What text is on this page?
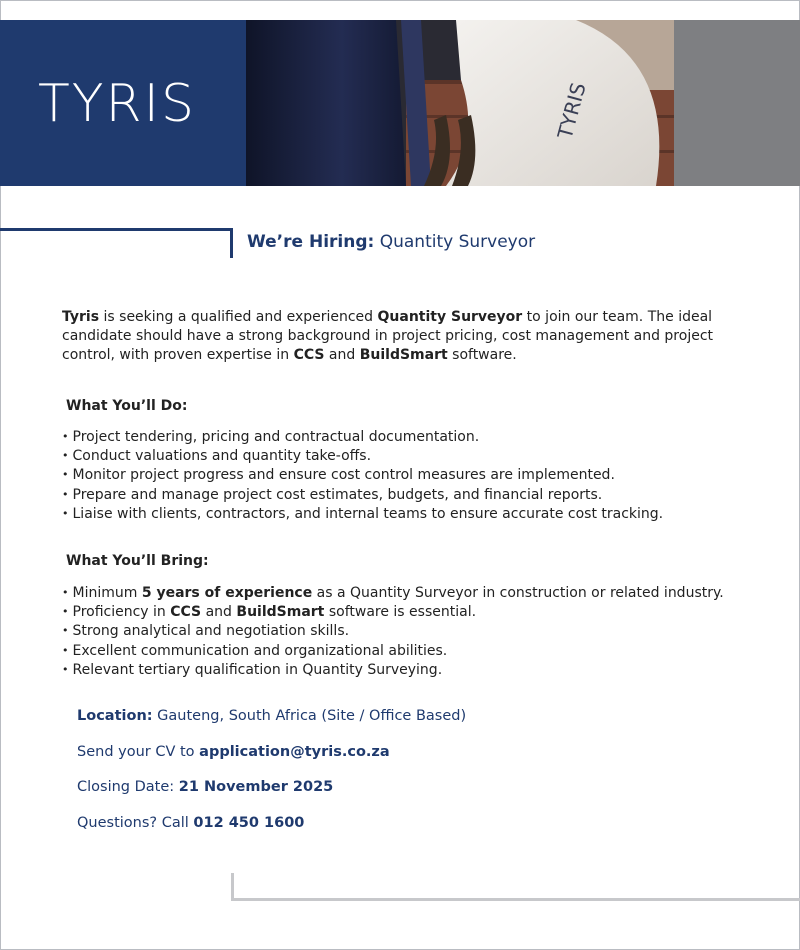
TYRIS	TYRIS
We’re Hiring: Quantity Surveyor
Tyris is seeking a qualified and experienced Quantity Surveyor to join our team. The ideal candidate should have a strong background in project pricing, cost management and project control, with proven expertise in CCS and BuildSmart software.
What You’ll Do:
• Project tendering, pricing and contractual documentation.
• Conduct valuations and quantity take-offs.
• Monitor project progress and ensure cost control measures are implemented.
• Prepare and manage project cost estimates, budgets, and financial reports.
• Liaise with clients, contractors, and internal teams to ensure accurate cost tracking.
What You’ll Bring:
• Minimum 5 years of experience as a Quantity Surveyor in construction or related industry.
• Proficiency in CCS and BuildSmart software is essential.
• Strong analytical and negotiation skills.
• Excellent communication and organizational abilities.
• Relevant tertiary qualification in Quantity Surveying.
Location: Gauteng, South Africa (Site / Office Based)
Send your CV to application@tyris.co.za
Closing Date: 21 November 2025
Questions? Call 012 450 1600
